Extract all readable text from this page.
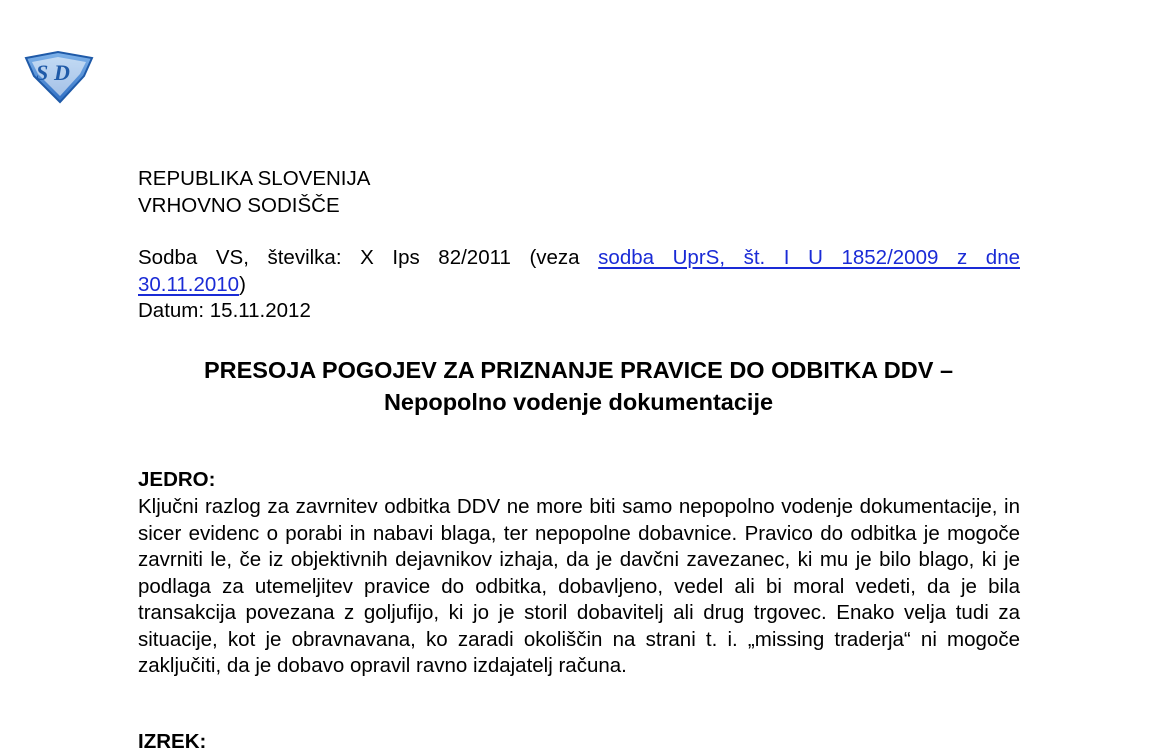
S D
REPUBLIKA SLOVENIJA
VRHOVNO SODIŠČE
Sodba VS, številka: X Ips 82/2011 (veza sodba UprS, št. I U 1852/2009 z dne
30.11.2010)
Datum: 15.11.2012
PRESOJA POGOJEV ZA PRIZNANJE PRAVICE DO ODBITKA DDV –
Nepopolno vodenje dokumentacije
JEDRO:

Ključni razlog za zavrnitev odbitka DDV ne more biti samo nepopolno vodenje dokumentacije, in sicer evidenc o porabi in nabavi blaga, ter nepopolne dobavnice. Pravico do odbitka je mogoče zavrniti le, če iz objektivnih dejavnikov izhaja, da je davčni zavezanec, ki mu je bilo blago, ki je podlaga za utemeljitev pravice do odbitka, dobavljeno, vedel ali bi moral vedeti, da je bila transakcija povezana z goljufijo, ki jo je storil dobavitelj ali drug trgovec. Enako velja tudi za situacije, kot je obravnavana, ko zaradi okoliščin na strani t. i. „missing traderja“ ni mogoče zaključiti, da je dobavo opravil ravno izdajatelj računa.

IZREK:
